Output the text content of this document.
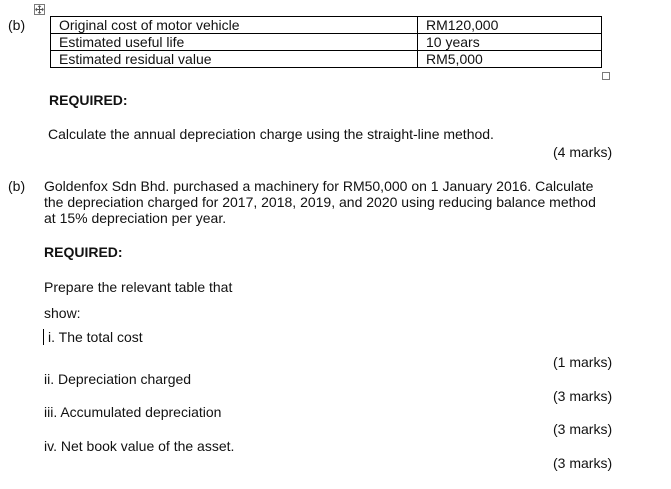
(b) Original cost of motor vehicle	RM120,000
Estimated useful life	10 years
Estimated residual value	RM5,000
REQUIRED:
Calculate the annual depreciation charge using the straight-line method.
(4 marks)
(b) Goldenfox Sdn Bhd. purchased a machinery for RM50,000 on 1 January 2016. Calculate
the depreciation charged for 2017, 2018, 2019, and 2020 using reducing balance method
at 15% depreciation per year.
REQUIRED:
Prepare the relevant table that
show:
i. The total cost
(1 marks)
ii. Depreciation charged
(3 marks)
iii. Accumulated depreciation
(3 marks)
iv. Net book value of the asset.
(3 marks)
